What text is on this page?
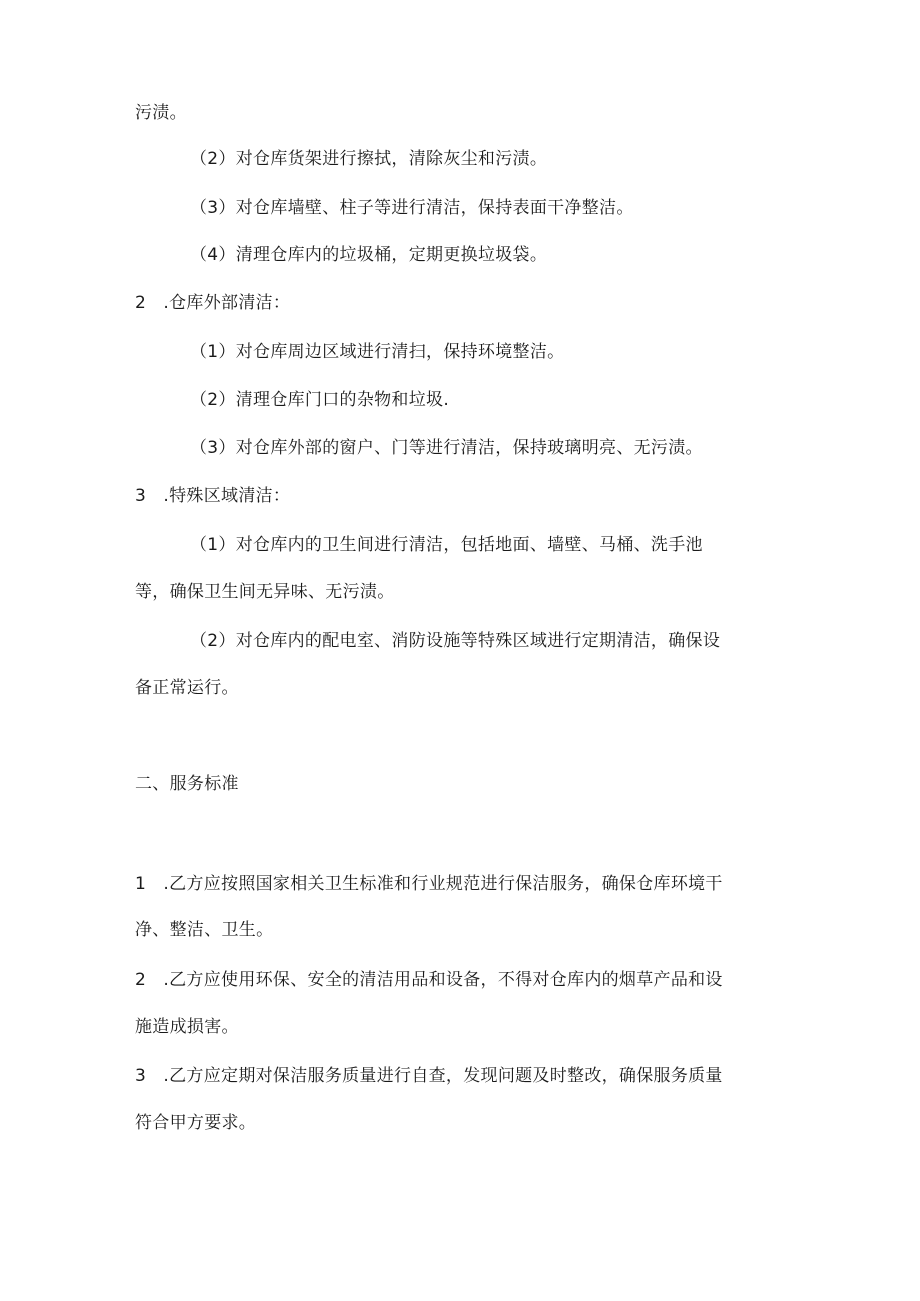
污渍。
（2）对仓库货架进行擦拭，清除灰尘和污渍。
（3）对仓库墙壁、柱子等进行清洁，保持表面干净整洁。
（4）清理仓库内的垃圾桶，定期更换垃圾袋。
2　.仓库外部清洁：
（1）对仓库周边区域进行清扫，保持环境整洁。
（2）清理仓库门口的杂物和垃圾.
（3）对仓库外部的窗户、门等进行清洁，保持玻璃明亮、无污渍。
3　.特殊区域清洁：
（1）对仓库内的卫生间进行清洁，包括地面、墙壁、马桶、洗手池
等，确保卫生间无异味、无污渍。
（2）对仓库内的配电室、消防设施等特殊区域进行定期清洁，确保设
备正常运行。
二、服务标准
1　.乙方应按照国家相关卫生标准和行业规范进行保洁服务，确保仓库环境干
净、整洁、卫生。
2　.乙方应使用环保、安全的清洁用品和设备，不得对仓库内的烟草产品和设
施造成损害。
3　.乙方应定期对保洁服务质量进行自查，发现问题及时整改，确保服务质量
符合甲方要求。
